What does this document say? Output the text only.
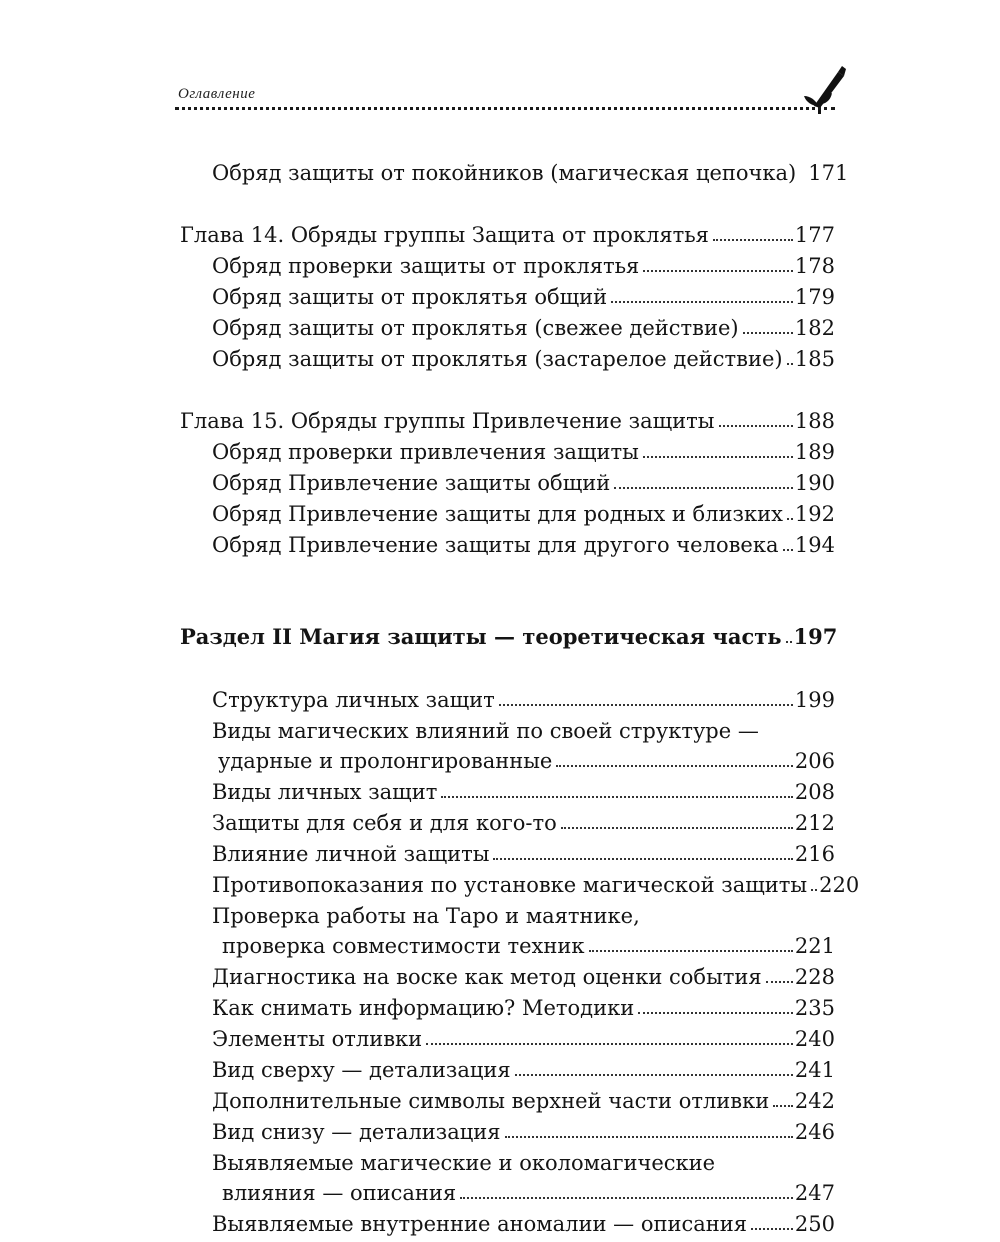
Оглавление
Обряд защиты от покойников (магическая цепочка) 171
Глава 14. Обряды группы Защита от проклятья	177
Обряд проверки защиты от проклятья	178
Обряд защиты от проклятья общий	179
Обряд защиты от проклятья (свежее действие)	182
Обряд защиты от проклятья (застарелое действие) 185
Глава 15. Обряды группы Привлечение защиты	188
Обряд проверки привлечения защиты	189
Обряд Привлечение защиты общий	190
Обряд Привлечение защиты для родных и близких 192
Обряд Привлечение защиты для другого человека 194
Раздел II Магия защиты — теоретическая часть 197
Структура личных защит	199
Виды магических влияний по своей структуре —
ударные и пролонгированные	206
Виды личных защит	208
Защиты для себя и для кого-то	212
Влияние личной защиты	216
Противопоказания по установке магической защиты 220
Проверка работы на Таро и маятнике,
проверка совместимости техник	221
Диагностика на воске как метод оценки события 228
Как снимать информацию? Методики	235
Элементы отливки	240
Вид сверху — детализация	241
Дополнительные символы верхней части отливки 242
Вид снизу — детализация	246
Выявляемые магические и околомагические
влияния — описания	247
Выявляемые внутренние аномалии — описания 250
